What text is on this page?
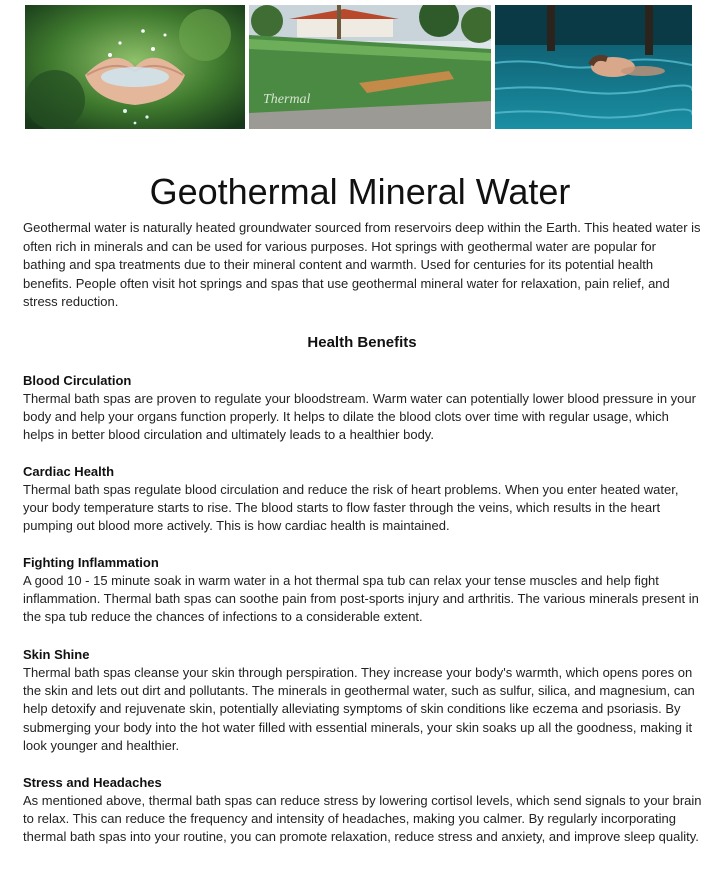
Thermal
Geothermal Mineral Water

Geothermal water is naturally heated groundwater sourced from reservoirs deep within the Earth. This heated water is often rich in minerals and can be used for various purposes. Hot springs with geothermal water are popular for bathing and spa treatments due to their mineral content and warmth. Used for centuries for its potential health benefits. People often visit hot springs and spas that use geothermal mineral water for relaxation, pain relief, and stress reduction.

Health Benefits
Blood Circulation

Thermal bath spas are proven to regulate your bloodstream. Warm water can potentially lower blood pressure in your body and help your organs function properly. It helps to dilate the blood clots over time with regular usage, which helps in better blood circulation and ultimately leads to a healthier body.

Cardiac Health

Thermal bath spas regulate blood circulation and reduce the risk of heart problems. When you enter heated water, your body temperature starts to rise. The blood starts to flow faster through the veins, which results in the heart pumping out blood more actively. This is how cardiac health is maintained.

Fighting Inflammation

A good 10 - 15 minute soak in warm water in a hot thermal spa tub can relax your tense muscles and help fight inflammation. Thermal bath spas can soothe pain from post-sports injury and arthritis. The various minerals present in the spa tub reduce the chances of infections to a considerable extent.

Skin Shine

Thermal bath spas cleanse your skin through perspiration. They increase your body's warmth, which opens pores on the skin and lets out dirt and pollutants. The minerals in geothermal water, such as sulfur, silica, and magnesium, can help detoxify and rejuvenate skin, potentially alleviating symptoms of skin conditions like eczema and psoriasis. By submerging your body into the hot water filled with essential minerals, your skin soaks up all the goodness, making it look younger and healthier.

Stress and Headaches

As mentioned above, thermal bath spas can reduce stress by lowering cortisol levels, which send signals to your brain to relax. This can reduce the frequency and intensity of headaches, making you calmer. By regularly incorporating thermal bath spas into your routine, you can promote relaxation, reduce stress and anxiety, and improve sleep quality.
